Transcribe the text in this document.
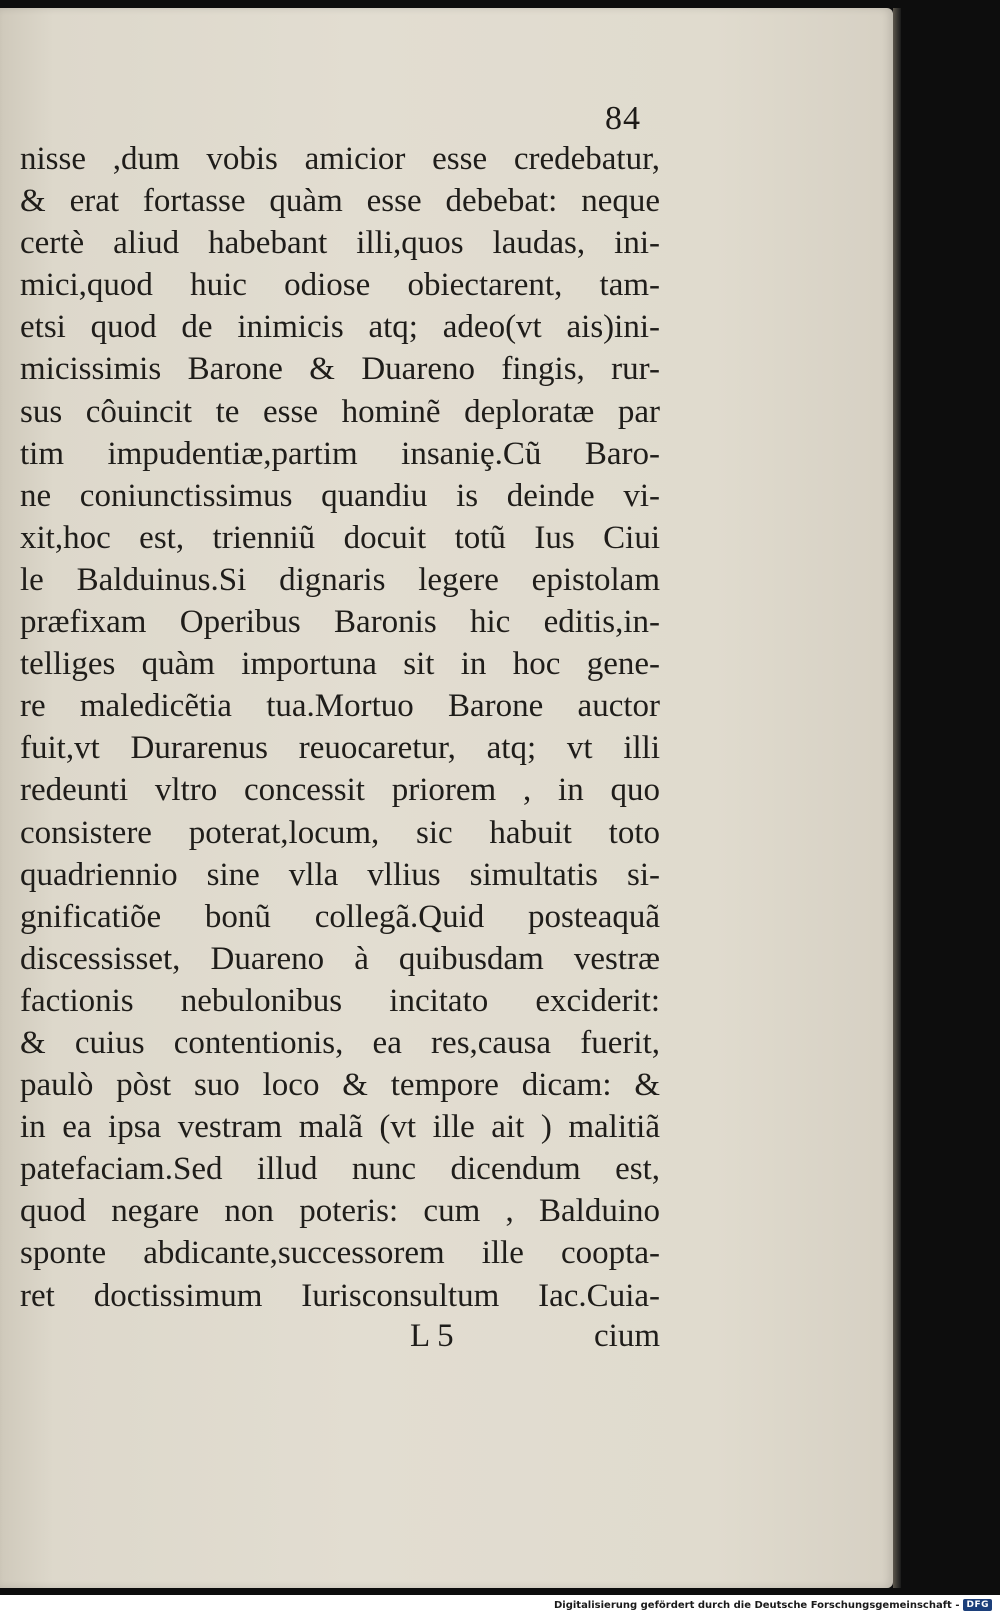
84
nisse ,dum vobis amicior esse credebatur,
& erat fortasse quàm esse debebat: neque
certè aliud habebant illi,quos laudas, ini-
mici,quod huic odiose obiectarent, tam-
etsi quod de inimicis atq; adeo(vt ais)ini-
micissimis Barone & Duareno fingis, rur-
sus côuincit te esse hominẽ deploratæ par
tim impudentiæ,partim insaniȩ.Cũ Baro-
ne coniunctissimus quandiu is deinde vi-
xit,hoc est, trienniũ docuit totũ Ius Ciui
le Balduinus.Si dignaris legere epistolam
præfixam Operibus Baronis hic editis,in-
telliges quàm importuna sit in hoc gene-
re maledicẽtia tua.Mortuo Barone auctor
fuit,vt Durarenus reuocaretur, atq; vt illi
redeunti vltro concessit priorem , in quo
consistere poterat,locum, sic habuit toto
quadriennio sine vlla vllius simultatis si-
gnificatiõe bonũ collegã.Quid posteaquã
discessisset, Duareno à quibusdam vestræ
factionis nebulonibus incitato exciderit:
& cuius contentionis, ea res,causa fuerit,
paulò pòst suo loco & tempore dicam: &
in ea ipsa vestram malã (vt ille ait ) malitiã
patefaciam.Sed illud nunc dicendum est,
quod negare non poteris: cum , Balduino
sponte abdicante,successorem ille coopta-
ret doctissimum Iurisconsultum Iac.Cuia-
L 5	cium
Digitalisierung gefördert durch die Deutsche Forschungsgemeinschaft - DFG
